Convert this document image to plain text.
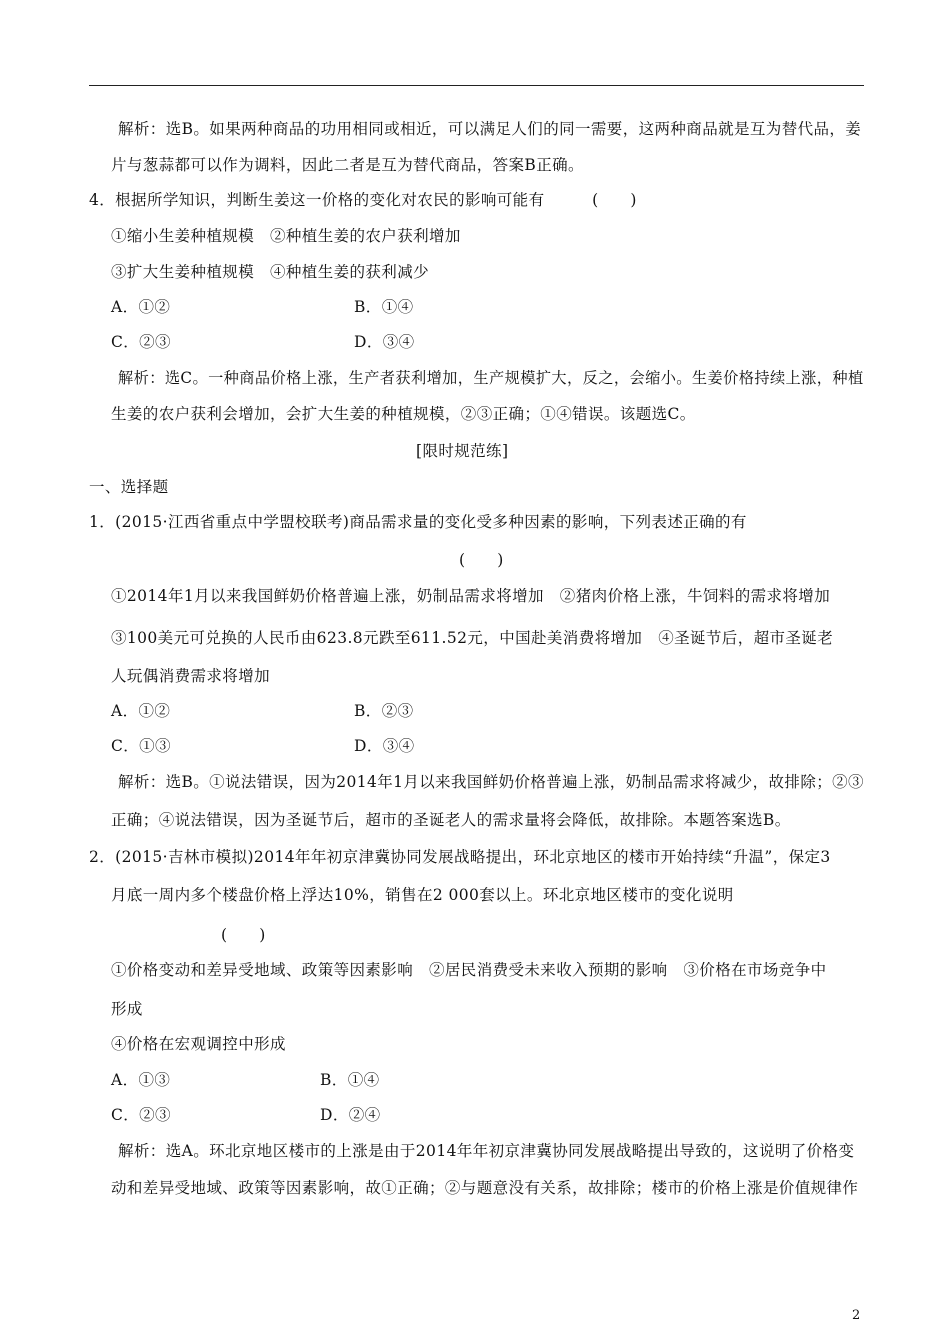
解析：选B。如果两种商品的功用相同或相近，可以满足人们的同一需要，这两种商品就是互为替代品，姜
片与葱蒜都可以作为调料，因此二者是互为替代商品，答案B正确。
4．根据所学知识，判断生姜这一价格的变化对农民的影响可能有　　　(　　)
①缩小生姜种植规模　②种植生姜的农户获利增加
③扩大生姜种植规模　④种植生姜的获利减少
A．①②	B．①④
C．②③	D．③④
解析：选C。一种商品价格上涨，生产者获利增加，生产规模扩大，反之，会缩小。生姜价格持续上涨，种植
生姜的农户获利会增加，会扩大生姜的种植规模，②③正确；①④错误。该题选C。
[限时规范练]
一、选择题
1．(2015·江西省重点中学盟校联考)商品需求量的变化受多种因素的影响，下列表述正确的有
(　　)
①2014年1月以来我国鲜奶价格普遍上涨，奶制品需求将增加　②猪肉价格上涨，牛饲料的需求将增加
③100美元可兑换的人民币由623.8元跌至611.52元，中国赴美消费将增加　④圣诞节后，超市圣诞老
人玩偶消费需求将增加
A．①②	B．②③
C．①③	D．③④
解析：选B。①说法错误，因为2014年1月以来我国鲜奶价格普遍上涨，奶制品需求将减少，故排除；②③
正确；④说法错误，因为圣诞节后，超市的圣诞老人的需求量将会降低，故排除。本题答案选B。
2．(2015·吉林市模拟)2014年年初京津冀协同发展战略提出，环北京地区的楼市开始持续“升温”，保定3
月底一周内多个楼盘价格上浮达10%，销售在2 000套以上。环北京地区楼市的变化说明
(　　)
①价格变动和差异受地域、政策等因素影响　②居民消费受未来收入预期的影响　③价格在市场竞争中
形成
④价格在宏观调控中形成
A．①③	B．①④
C．②③	D．②④
解析：选A。环北京地区楼市的上涨是由于2014年年初京津冀协同发展战略提出导致的，这说明了价格变
动和差异受地域、政策等因素影响，故①正确；②与题意没有关系，故排除；楼市的价格上涨是价值规律作
2
